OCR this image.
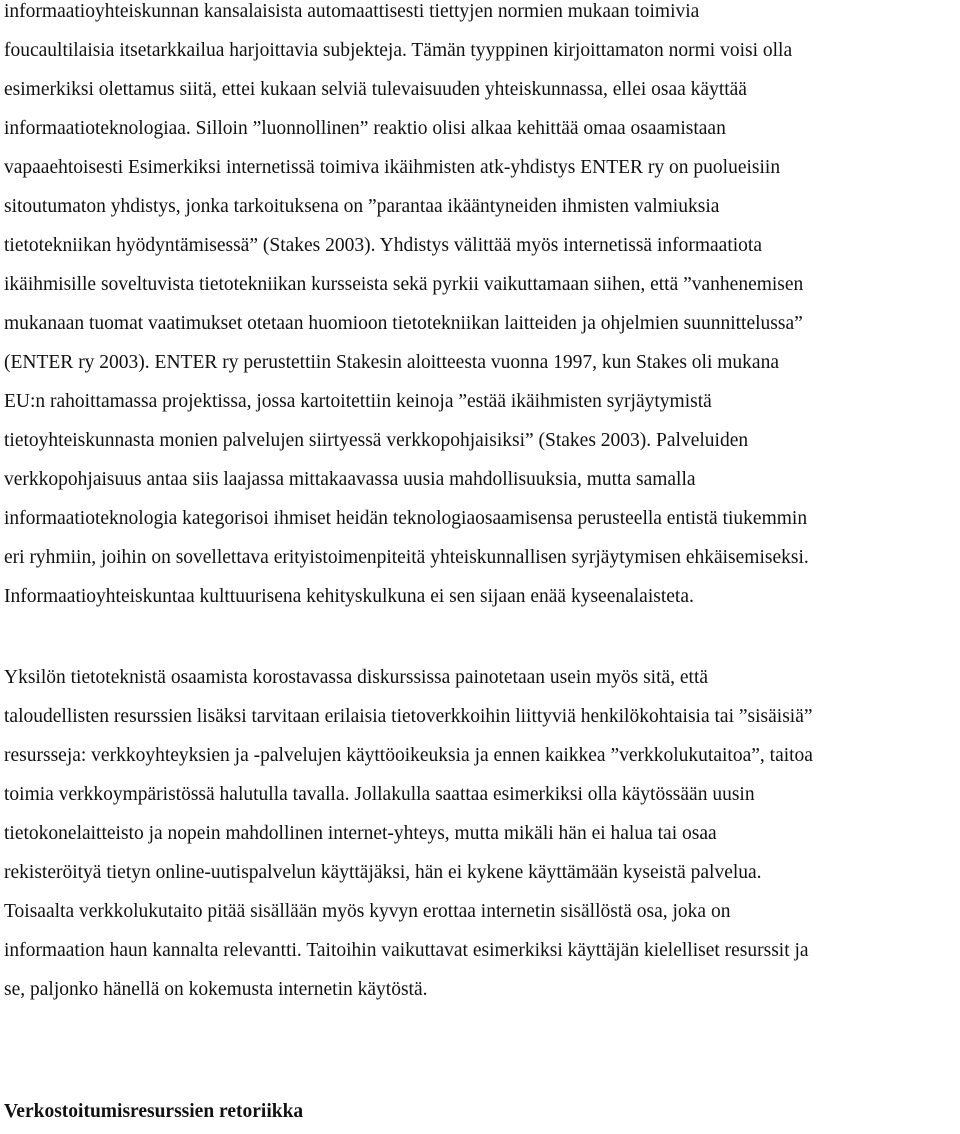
informaatioyhteiskunnan kansalaisista automaattisesti tiettyjen normien mukaan toimivia
foucaultilaisia itsetarkkailua harjoittavia subjekteja. Tämän tyyppinen kirjoittamaton normi voisi olla
esimerkiksi olettamus siitä, ettei kukaan selviä tulevaisuuden yhteiskunnassa, ellei osaa käyttää
informaatioteknologiaa. Silloin ”luonnollinen” reaktio olisi alkaa kehittää omaa osaamistaan
vapaaehtoisesti Esimerkiksi internetissä toimiva ikäihmisten atk-yhdistys ENTER ry on puolueisiin
sitoutumaton yhdistys, jonka tarkoituksena on ”parantaa ikääntyneiden ihmisten valmiuksia
tietotekniikan hyödyntämisessä” (Stakes 2003). Yhdistys välittää myös internetissä informaatiota
ikäihmisille soveltuvista tietotekniikan kursseista sekä pyrkii vaikuttamaan siihen, että ”vanhenemisen
mukanaan tuomat vaatimukset otetaan huomioon tietotekniikan laitteiden ja ohjelmien suunnittelussa”
(ENTER ry 2003). ENTER ry perustettiin Stakesin aloitteesta vuonna 1997, kun Stakes oli mukana
EU:n rahoittamassa projektissa, jossa kartoitettiin keinoja ”estää ikäihmisten syrjäytymistä
tietoyhteiskunnasta monien palvelujen siirtyessä verkkopohjaisiksi” (Stakes 2003). Palveluiden
verkkopohjaisuus antaa siis laajassa mittakaavassa uusia mahdollisuuksia, mutta samalla
informaatioteknologia kategorisoi ihmiset heidän teknologiaosaamisensa perusteella entistä tiukemmin
eri ryhmiin, joihin on sovellettava erityistoimenpiteitä yhteiskunnallisen syrjäytymisen ehkäisemiseksi.
Informaatioyhteiskuntaa kulttuurisena kehityskulkuna ei sen sijaan enää kyseenalaisteta.
Yksilön tietoteknistä osaamista korostavassa diskurssissa painotetaan usein myös sitä, että
taloudellisten resurssien lisäksi tarvitaan erilaisia tietoverkkoihin liittyviä henkilökohtaisia tai ”sisäisiä”
resursseja: verkkoyhteyksien ja -palvelujen käyttöoikeuksia ja ennen kaikkea ”verkkolukutaitoa”, taitoa
toimia verkkoympäristössä halutulla tavalla. Jollakulla saattaa esimerkiksi olla käytössään uusin
tietokonelaitteisto ja nopein mahdollinen internet-yhteys, mutta mikäli hän ei halua tai osaa
rekisteröityä tietyn online-uutispalvelun käyttäjäksi, hän ei kykene käyttämään kyseistä palvelua.
Toisaalta verkkolukutaito pitää sisällään myös kyvyn erottaa internetin sisällöstä osa, joka on
informaation haun kannalta relevantti. Taitoihin vaikuttavat esimerkiksi käyttäjän kielelliset resurssit ja
se, paljonko hänellä on kokemusta internetin käytöstä.
Verkostoitumisresurssien retoriikka
